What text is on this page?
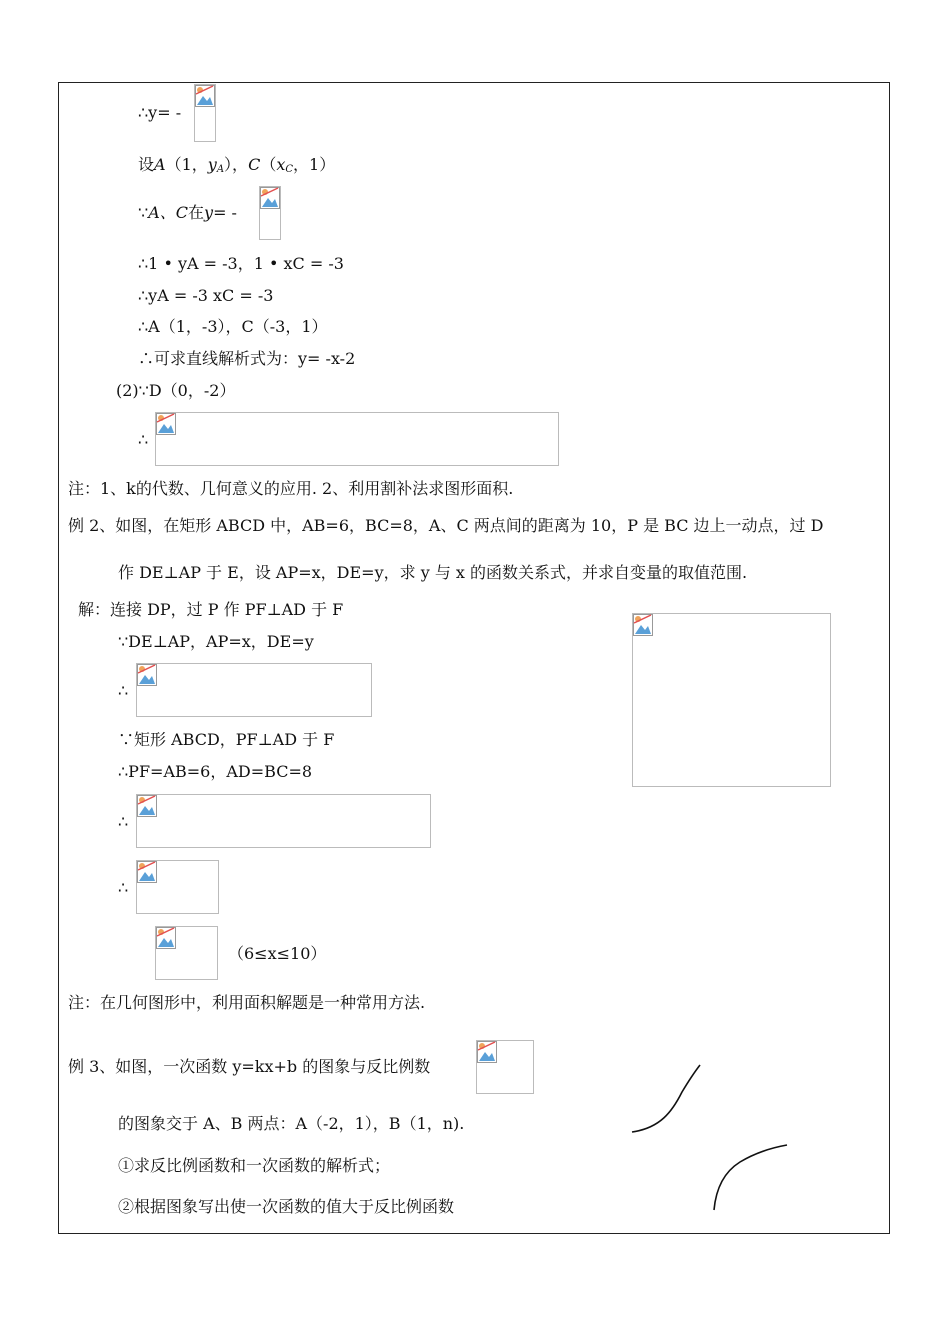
∴y= -
设A（1，$y_A$），$C(x_C$，1）
∵A、C在y= -
∴1 • yA = -3，1 • xC = -3
∴yA = -3 xC = -3
∴A（1，-3），C（-3，1）
∴可求直线解析式为：y= -x-2
(2)∵D（0，-2）
∴
注：1、k的代数、几何意义的应用. 2、利用割补法求图形面积.
例 2、如图，在矩形 ABCD 中，AB=6，BC=8，A、C 两点间的距离为 10，P 是 BC 边上一动点，过 D
作 DE⊥AP 于 E，设 AP=x，DE=y，求 y 与 x 的函数关系式，并求自变量的取值范围.
解：连接 DP，过 P 作 PF⊥AD 于 F
∵DE⊥AP，AP=x，DE=y
∴
∵矩形 ABCD，PF⊥AD 于 F
∴PF=AB=6，AD=BC=8
∴
∴
（6≤x≤10）
注：在几何图形中，利用面积解题是一种常用方法.
例 3、如图，一次函数 y=kx+b 的图象与反比例数
的图象交于 A、B 两点：A（-2，1），B（1，n).
①求反比例函数和一次函数的解析式；
②根据图象写出使一次函数的值大于反比例函数
